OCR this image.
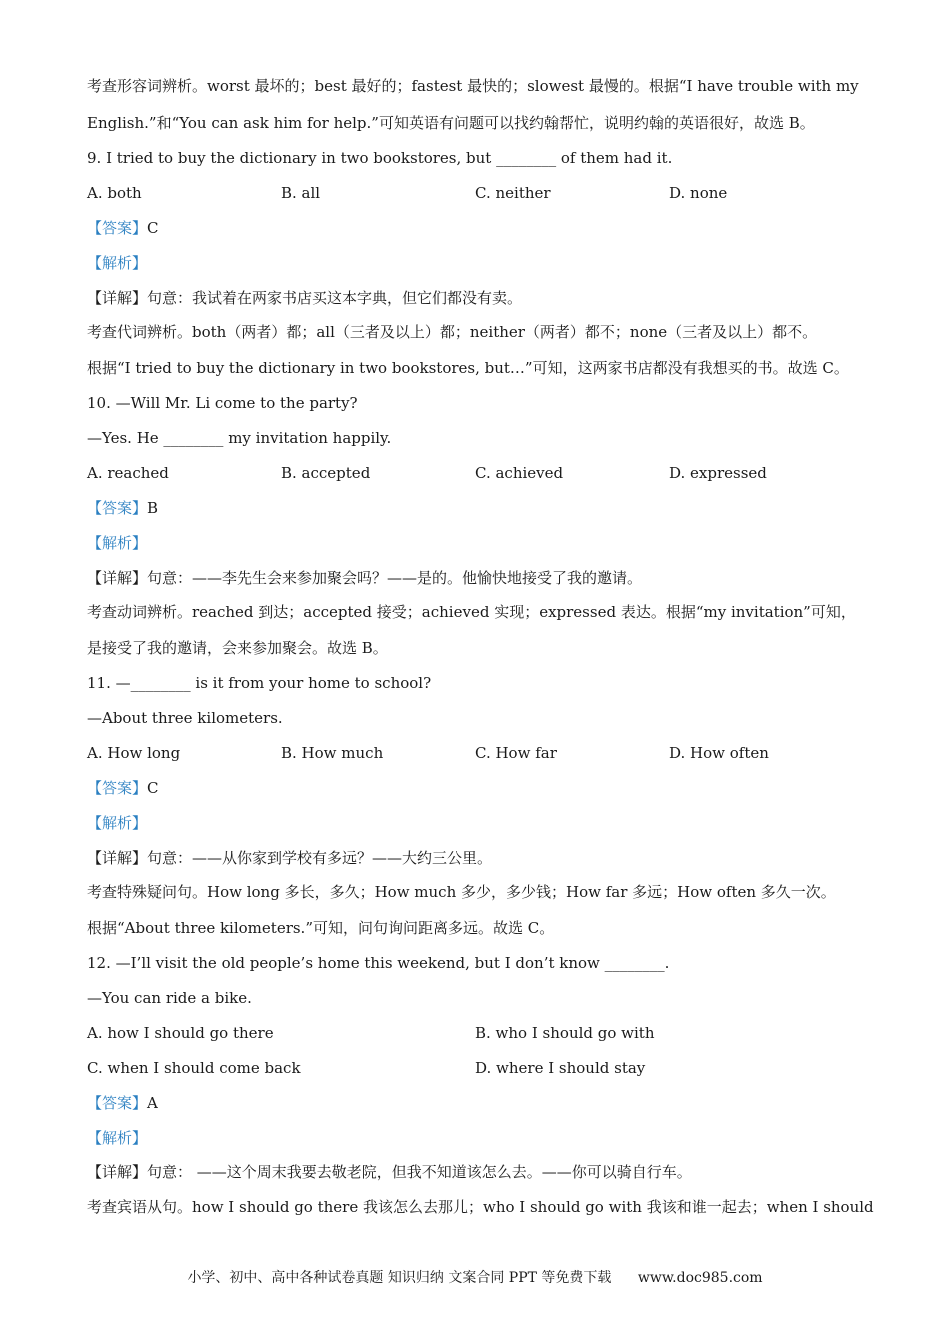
考查形容词辨析。worst 最坏的；best 最好的；fastest 最快的；slowest 最慢的。根据“I have trouble with my
English.”和“You can ask him for help.”可知英语有问题可以找约翰帮忙，说明约翰的英语很好，故选 B。
9. I tried to buy the dictionary in two bookstores, but ________ of them had it.
A. both	B. all	C. neither	D. none
【答案】C
【解析】
【详解】句意：我试着在两家书店买这本字典，但它们都没有卖。
考查代词辨析。both（两者）都；all（三者及以上）都；neither（两者）都不；none（三者及以上）都不。
根据“I tried to buy the dictionary in two bookstores, but…”可知，这两家书店都没有我想买的书。故选 C。
10. —Will Mr. Li come to the party?
—Yes. He ________ my invitation happily.
A. reached	B. accepted	C. achieved	D. expressed
【答案】B
【解析】
【详解】句意：——李先生会来参加聚会吗？——是的。他愉快地接受了我的邀请。
考查动词辨析。reached 到达；accepted 接受；achieved 实现；expressed 表达。根据“my invitation”可知，
是接受了我的邀请，会来参加聚会。故选 B。
11. —________ is it from your home to school?
—About three kilometers.
A. How long	B. How much	C. How far	D. How often
【答案】C
【解析】
【详解】句意：——从你家到学校有多远？——大约三公里。
考查特殊疑问句。How long 多长，多久；How much 多少，多少钱；How far 多远；How often 多久一次。
根据“About three kilometers.”可知，问句询问距离多远。故选 C。
12. —I’ll visit the old people’s home this weekend, but I don’t know ________.
—You can ride a bike.
A. how I should go there	B. who I should go with
C. when I should come back	D. where I should stay
【答案】A
【解析】
【详解】句意： ——这个周末我要去敬老院，但我不知道该怎么去。——你可以骑自行车。
考查宾语从句。how I should go there 我该怎么去那儿；who I should go with 我该和谁一起去；when I should
小学、初中、高中各种试卷真题 知识归纳 文案合同 PPT 等免费下载 www.doc985.com
